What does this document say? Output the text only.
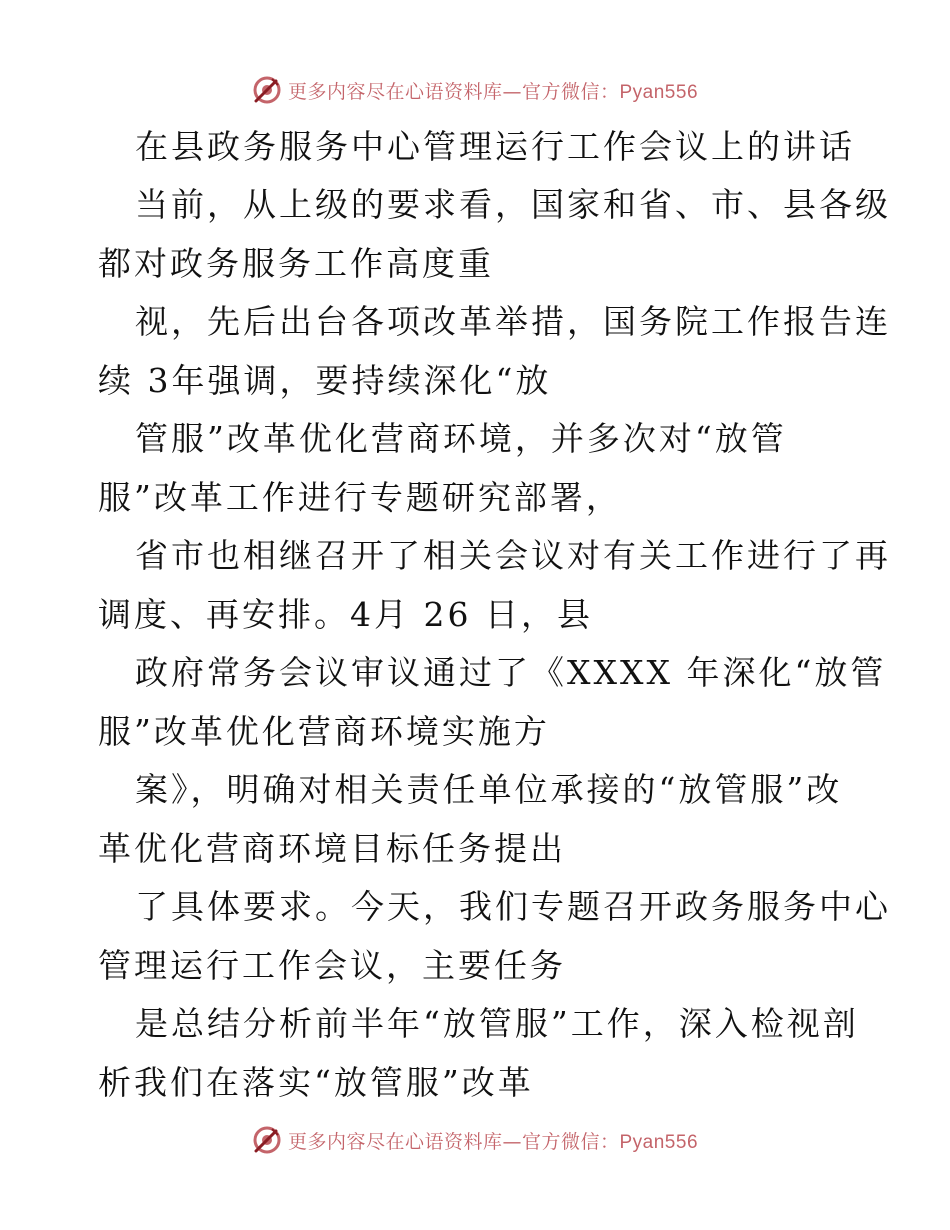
更多内容尽在心语资料库—官方微信：Pyan556
在县政务服务中心管理运行工作会议上的讲话
当前，从上级的要求看，国家和省、市、县各级
都对政务服务工作高度重
视，先后出台各项改革举措，国务院工作报告连
续 3年强调，要持续深化“放
管服”改革优化营商环境，并多次对“放管
服”改革工作进行专题研究部署，
省市也相继召开了相关会议对有关工作进行了再
调度、再安排。4月 26 日，县
政府常务会议审议通过了《XXXX 年深化“放管
服”改革优化营商环境实施方
案》，明确对相关责任单位承接的“放管服”改
革优化营商环境目标任务提出
了具体要求。今天，我们专题召开政务服务中心
管理运行工作会议，主要任务
是总结分析前半年“放管服”工作，深入检视剖
析我们在落实“放管服”改革
更多内容尽在心语资料库—官方微信：Pyan556
